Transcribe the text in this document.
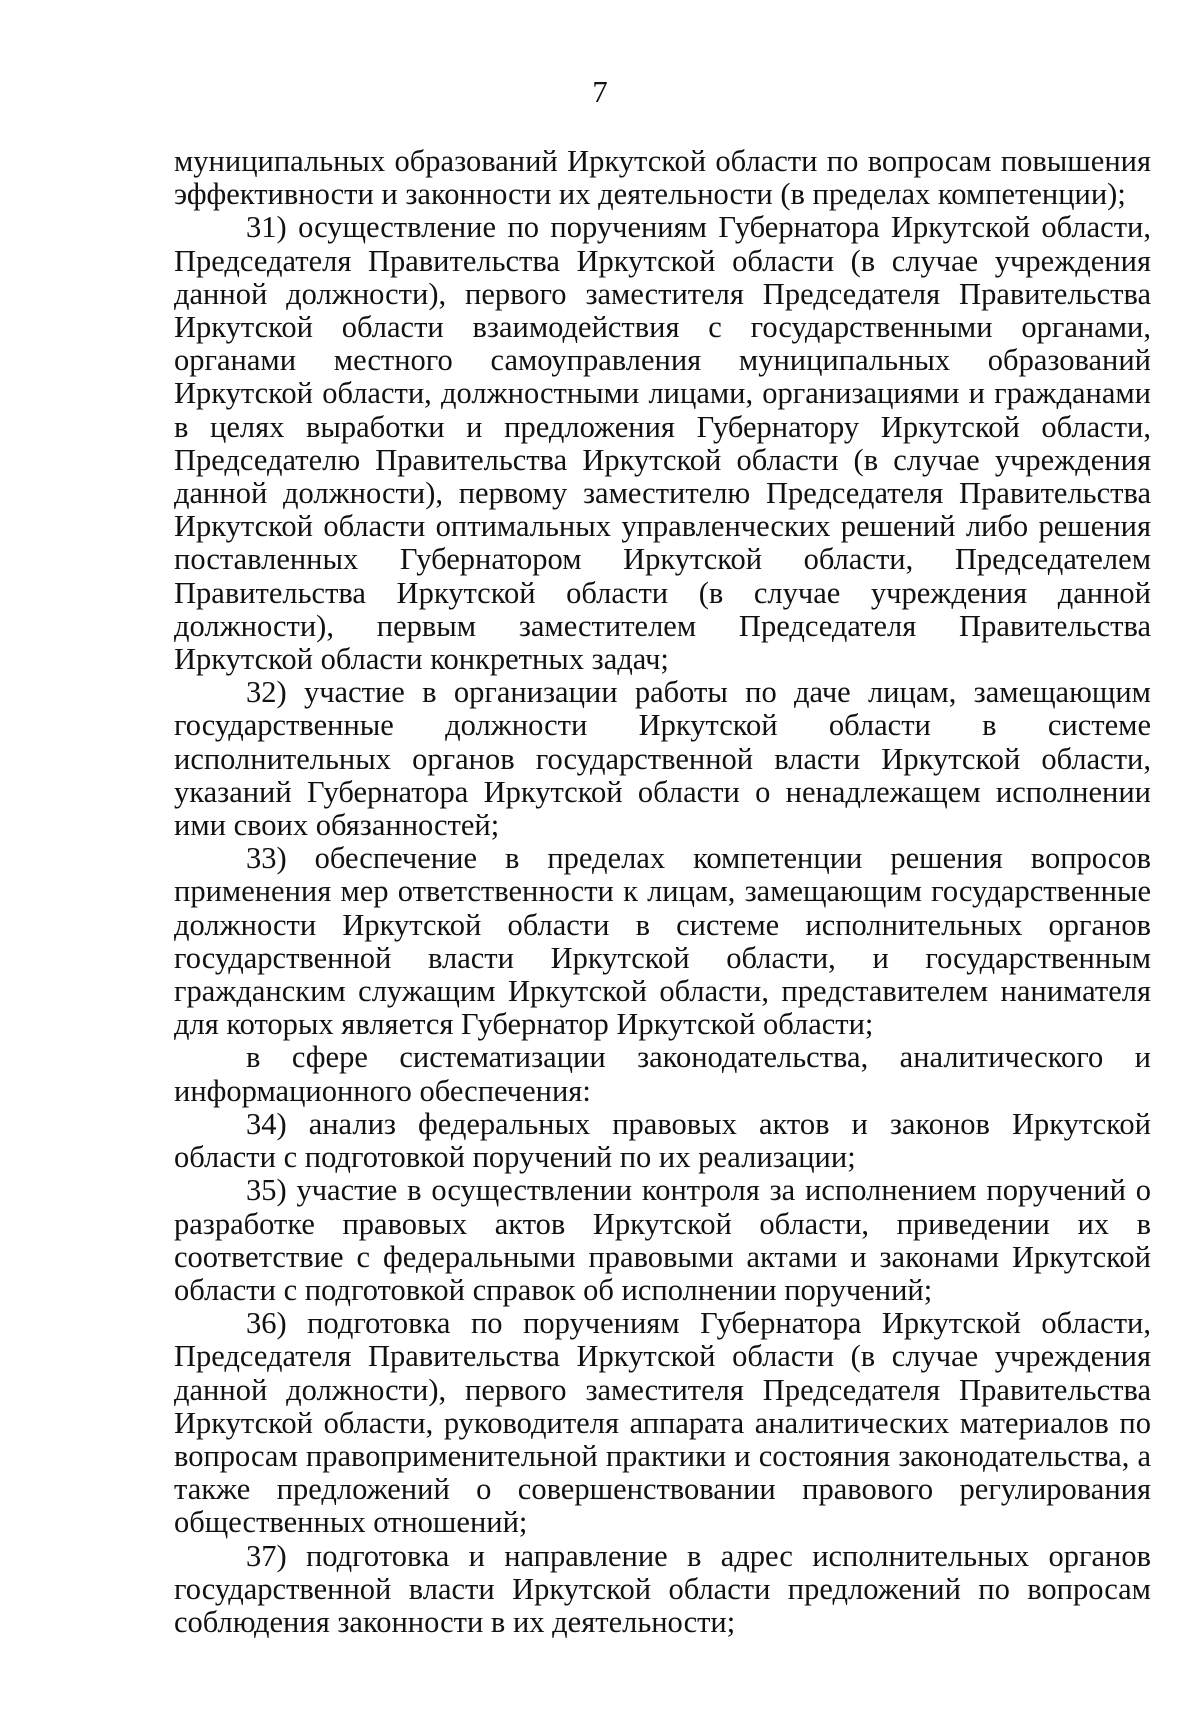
7

муниципальных образований Иркутской области по вопросам повышения эффективности и законности их деятельности (в пределах компетенции);

31) осуществление по поручениям Губернатора Иркутской области, Председателя Правительства Иркутской области (в случае учреждения данной должности), первого заместителя Председателя Правительства Иркутской области взаимодействия с государственными органами, органами местного самоуправления муниципальных образований Иркутской области, должностными лицами, организациями и гражданами в целях выработки и предложения Губернатору Иркутской области, Председателю Правительства Иркутской области (в случае учреждения данной должности), первому заместителю Председателя Правительства Иркутской области оптимальных управленческих решений либо решения поставленных Губернатором Иркутской области, Председателем Правительства Иркутской области (в случае учреждения данной должности), первым заместителем Председателя Правительства Иркутской области конкретных задач;

32) участие в организации работы по даче лицам, замещающим государственные должности Иркутской области в системе исполнительных органов государственной власти Иркутской области, указаний Губернатора Иркутской области о ненадлежащем исполнении ими своих обязанностей;

33) обеспечение в пределах компетенции решения вопросов применения мер ответственности к лицам, замещающим государственные должности Иркутской области в системе исполнительных органов государственной власти Иркутской области, и государственным гражданским служащим Иркутской области, представителем нанимателя для которых является Губернатор Иркутской области;

в сфере систематизации законодательства, аналитического и информационного обеспечения:

34) анализ федеральных правовых актов и законов Иркутской области с подготовкой поручений по их реализации;

35) участие в осуществлении контроля за исполнением поручений о разработке правовых актов Иркутской области, приведении их в соответствие с федеральными правовыми актами и законами Иркутской области с подготовкой справок об исполнении поручений;

36) подготовка по поручениям Губернатора Иркутской области, Председателя Правительства Иркутской области (в случае учреждения данной должности), первого заместителя Председателя Правительства Иркутской области, руководителя аппарата аналитических материалов по вопросам правоприменительной практики и состояния законодательства, а также предложений о совершенствовании правового регулирования общественных отношений;

37) подготовка и направление в адрес исполнительных органов государственной власти Иркутской области предложений по вопросам соблюдения законности в их деятельности;
